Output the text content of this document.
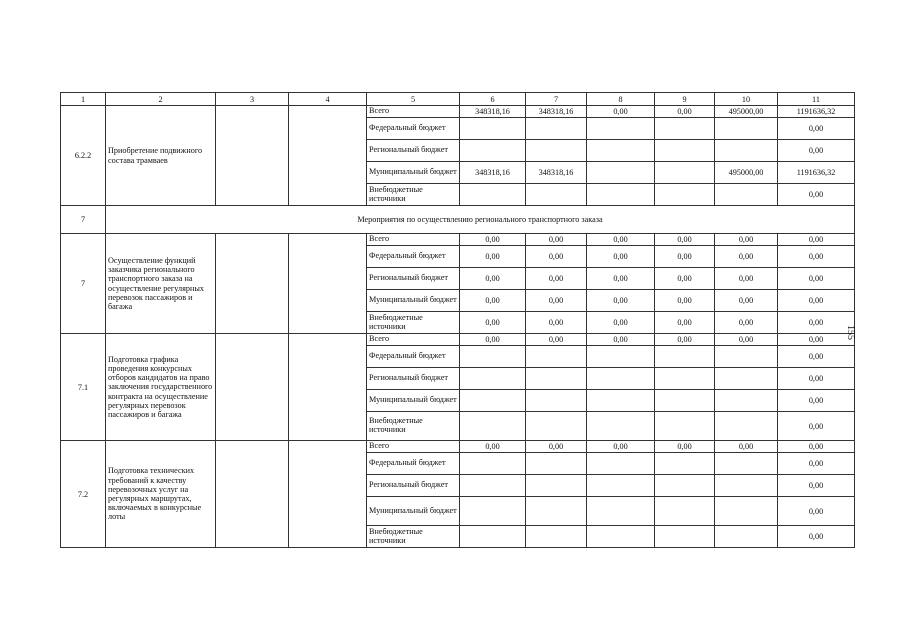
1	2	3	4	5	6	7	8	9	10	11
6.2.2	Приобретение подвижного состава трамваев			Всего	348318,16	348318,16	0,00	0,00	495000,00	1191636,32
				Федеральный бюджет						0,00
				Региональный бюджет						0,00
				Муниципальный бюджет	348318,16	348318,16			495000,00	1191636,32
				Внебюджетные источники						0,00
7	Мероприятия по осуществлению регионального транспортного заказа									
7	Осуществление функций заказчика регионального транспортного заказа на осуществление регулярных перевозок пассажиров и багажа			Всего	0,00	0,00	0,00	0,00	0,00	0,00
				Федеральный бюджет	0,00	0,00	0,00	0,00	0,00	0,00
				Региональный бюджет	0,00	0,00	0,00	0,00	0,00	0,00
				Муниципальный бюджет	0,00	0,00	0,00	0,00	0,00	0,00
				Внебюджетные источники	0,00	0,00	0,00	0,00	0,00	0,00
7.1	Подготовка графика проведения конкурсных отборов кандидатов на право заключения государственного контракта на осуществление регулярных перевозок пассажиров и багажа			Всего	0,00	0,00	0,00	0,00	0,00	0,00
				Федеральный бюджет						0,00
				Региональный бюджет						0,00
				Муниципальный бюджет						0,00
				Внебюджетные источники						0,00
7.2	Подготовка технических требований к качеству перевозочных услуг на регулярных маршрутах, включаемых в конкурсные лоты			Всего	0,00	0,00	0,00	0,00	0,00	0,00
				Федеральный бюджет						0,00
				Региональный бюджет						0,00
				Муниципальный бюджет						0,00
				Внебюджетные источники						0,00
155
